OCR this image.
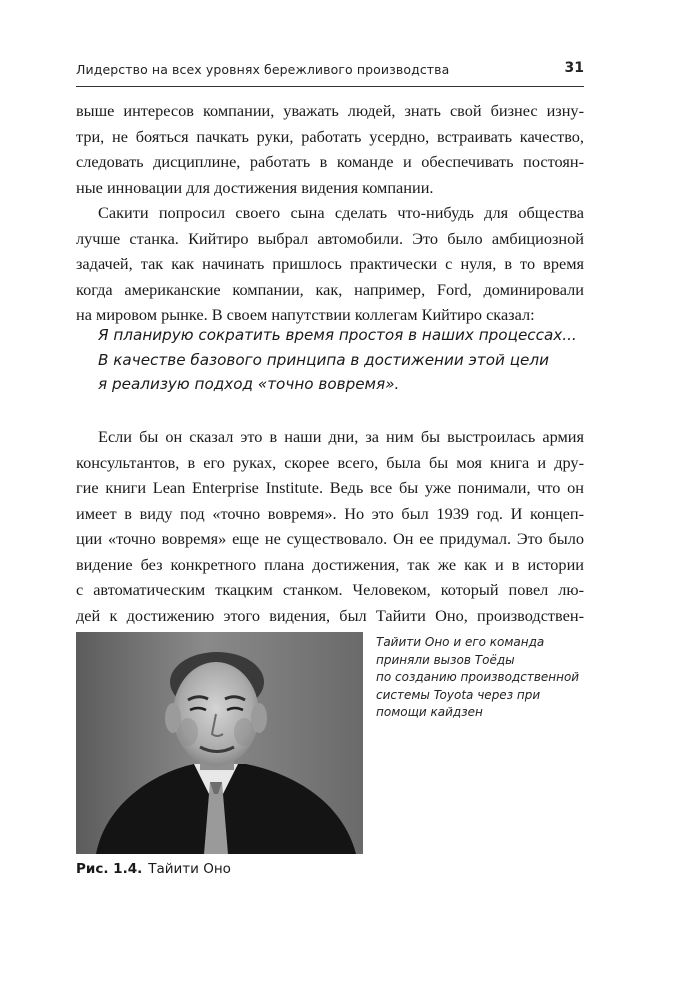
Лидерство на всех уровнях бережливого производства	31
выше интересов компании, уважать людей, знать свой бизнес изну-
три, не бояться пачкать руки, работать усердно, встраивать качество,
следовать дисциплине, работать в команде и обеспечивать постоян-
ные инновации для достижения видения компании.
Сакити попросил своего сына сделать что-нибудь для общества
лучше станка. Кийтиро выбрал автомобили. Это было амбициозной
задачей, так как начинать пришлось практически с нуля, в то время
когда американские компании, как, например, Ford, доминировали
на мировом рынке. В своем напутствии коллегам Кийтиро сказал:
Я планирую сократить время простоя в наших процессах...
В качестве базового принципа в достижении этой цели
я реализую подход «точно вовремя».
Если бы он сказал это в наши дни, за ним бы выстроилась армия
консультантов, в его руках, скорее всего, была бы моя книга и дру-
гие книги Lean Enterprise Institute. Ведь все бы уже понимали, что он
имеет в виду под «точно вовремя». Но это был 1939 год. И концеп-
ции «точно вовремя» еще не существовало. Он ее придумал. Это было
видение без конкретного плана достижения, так же как и в истории
с автоматическим ткацким станком. Человеком, который повел лю-
дей к достижению этого видения, был Тайити Оно, производствен-
Тайити Оно и его команда
приняли вызов Тоёды
по созданию производственной
системы Toyota через при
помощи кайдзен
Рис. 1.4. Тайити Оно
